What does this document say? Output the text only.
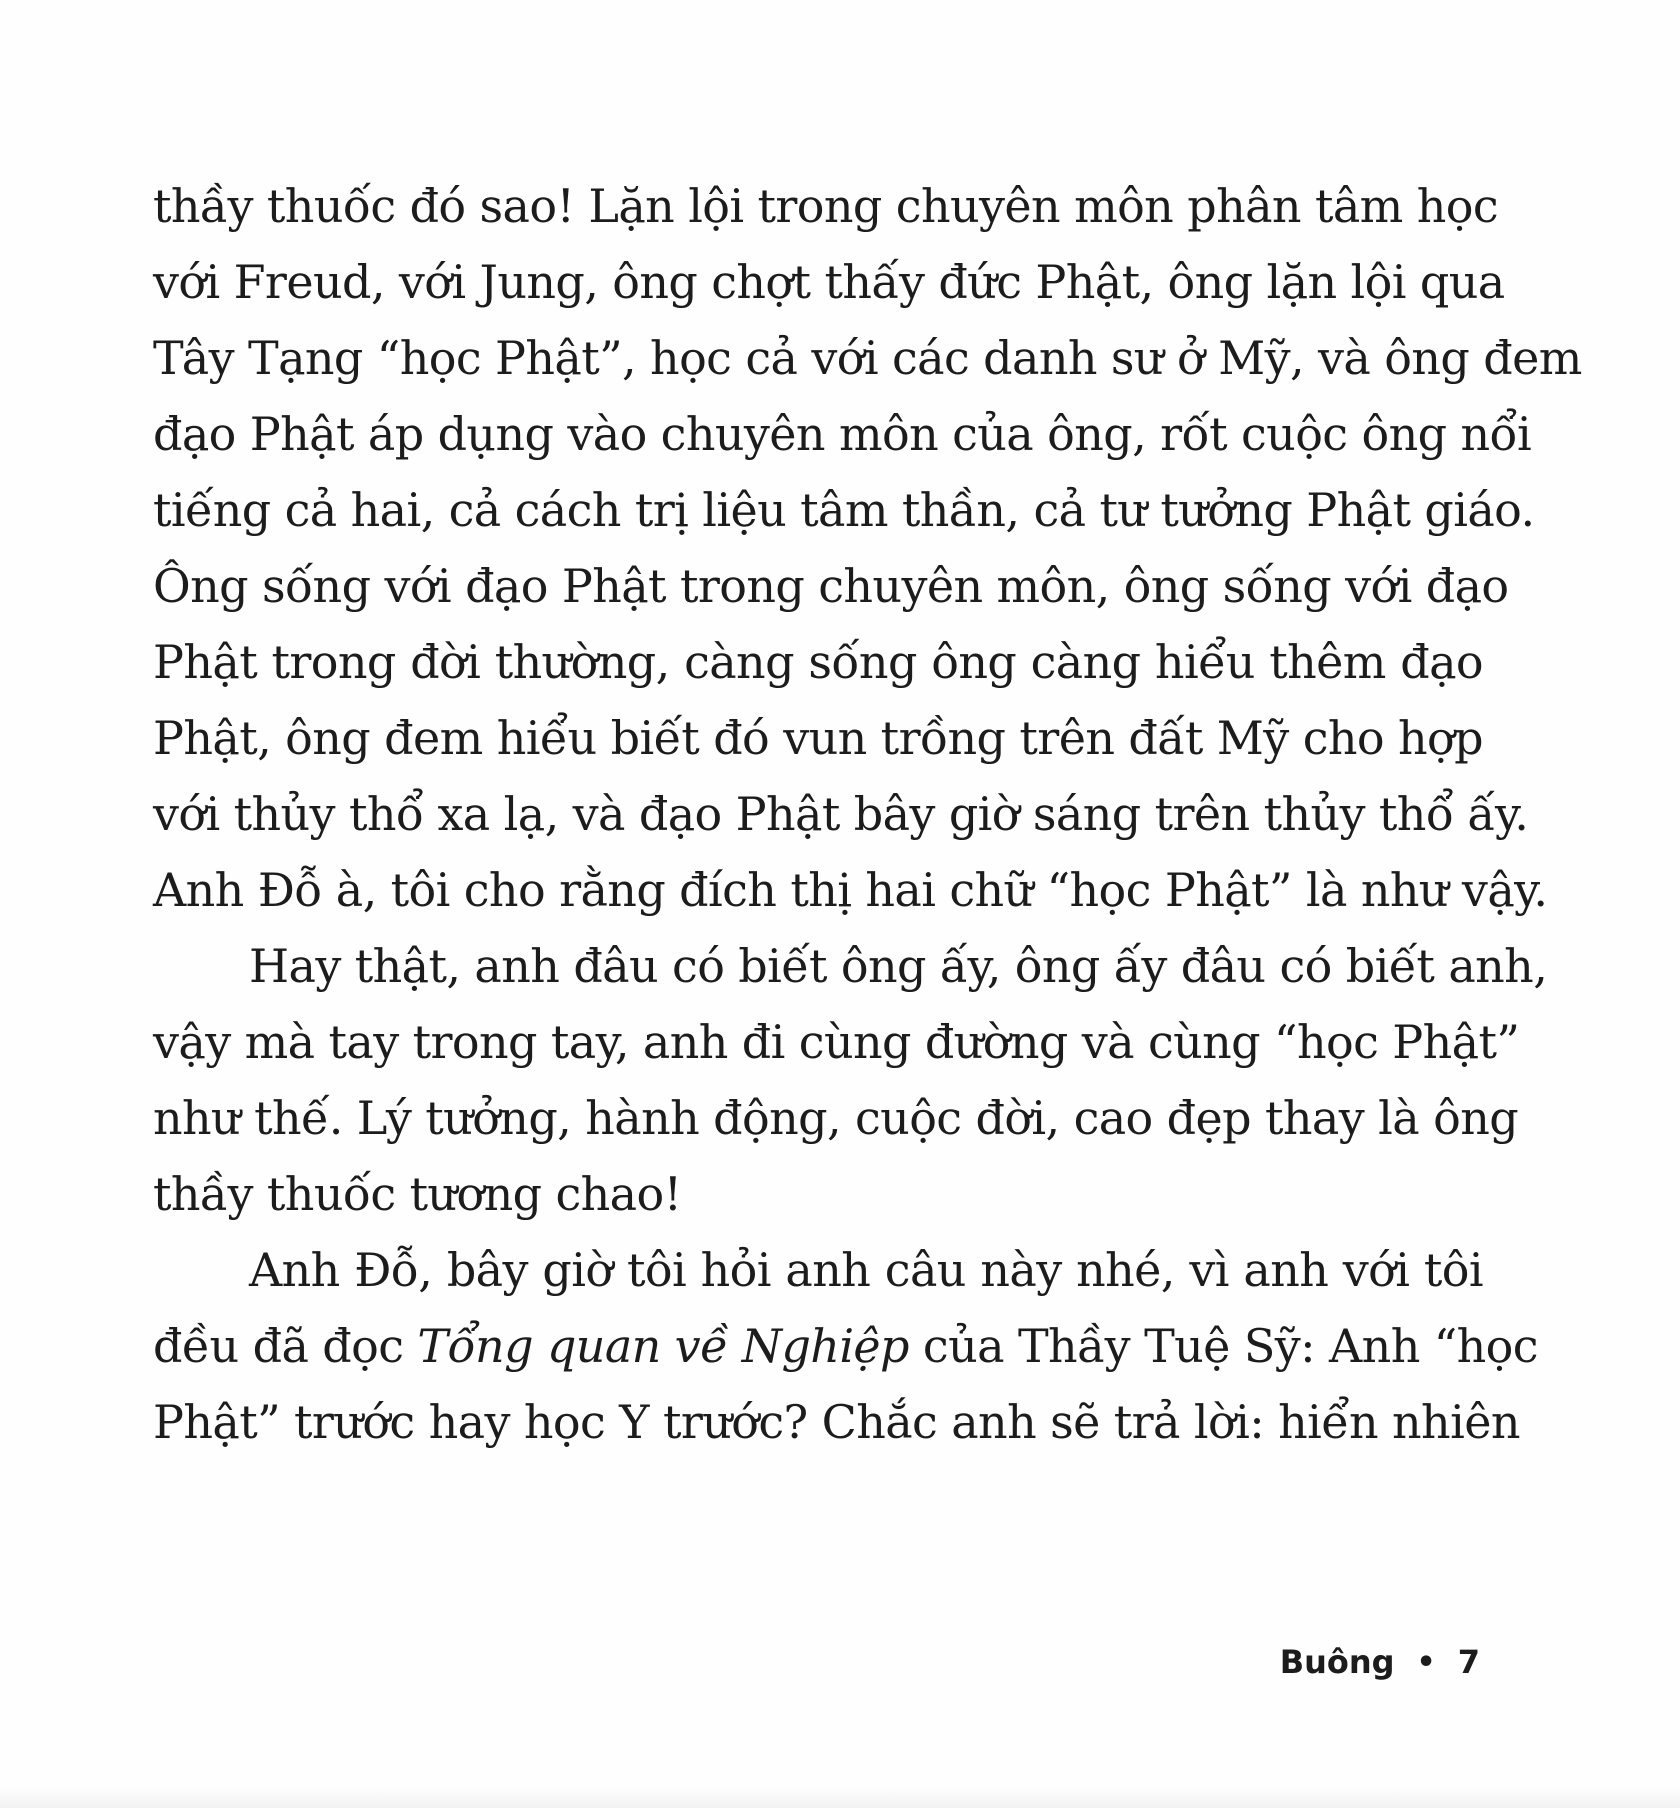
thầy thuốc đó sao! Lặn lội trong chuyên môn phân tâm học
với Freud, với Jung, ông chợt thấy đức Phật, ông lặn lội qua
Tây Tạng “học Phật”, học cả với các danh sư ở Mỹ, và ông đem
đạo Phật áp dụng vào chuyên môn của ông, rốt cuộc ông nổi
tiếng cả hai, cả cách trị liệu tâm thần, cả tư tưởng Phật giáo.
Ông sống với đạo Phật trong chuyên môn, ông sống với đạo
Phật trong đời thường, càng sống ông càng hiểu thêm đạo
Phật, ông đem hiểu biết đó vun trồng trên đất Mỹ cho hợp
với thủy thổ xa lạ, và đạo Phật bây giờ sáng trên thủy thổ ấy.
Anh Đỗ à, tôi cho rằng đích thị hai chữ “học Phật” là như vậy.
Hay thật, anh đâu có biết ông ấy, ông ấy đâu có biết anh,
vậy mà tay trong tay, anh đi cùng đường và cùng “học Phật”
như thế. Lý tưởng, hành động, cuộc đời, cao đẹp thay là ông
thầy thuốc tương chao!
Anh Đỗ, bây giờ tôi hỏi anh câu này nhé, vì anh với tôi
đều đã đọc Tổng quan về Nghiệp của Thầy Tuệ Sỹ: Anh “học
Phật” trước hay học Y trước? Chắc anh sẽ trả lời: hiển nhiên
Buông • 7
